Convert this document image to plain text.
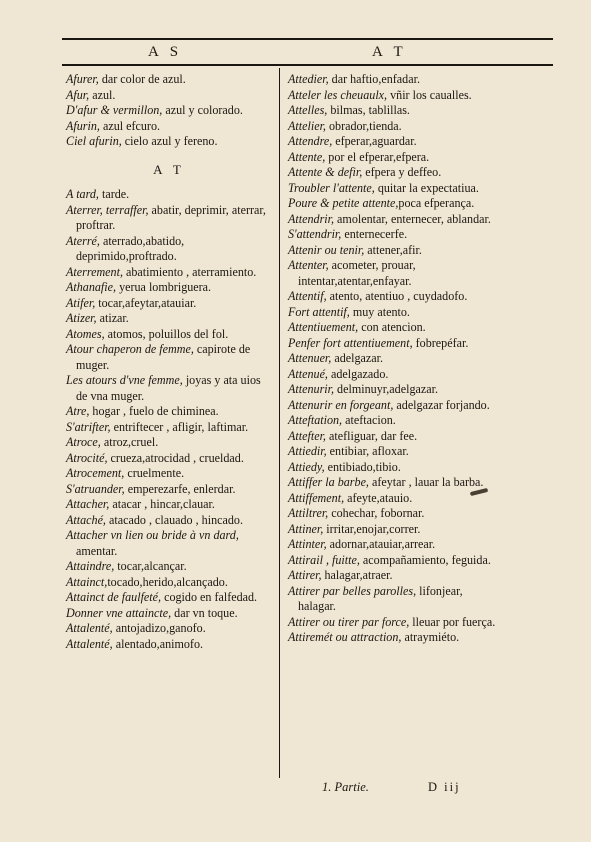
A S	A T
Afurer, dar color de azul.
Afur, azul.
D'afur & vermillon, azul y colorado.
Afurin, azul efcuro.
Ciel afurin, cielo azul y fereno.
A T
A tard, tarde.
Aterrer, terraffer, abatir, deprimir, aterrar, proftrar.
Aterré, aterrado,abatido, deprimido,proftrado.
Aterrement, abatimiento , aterramiento.
Athanafie, yerua lombriguera.
Atifer, tocar,afeytar,atauiar.
Atizer, atizar.
Atomes, atomos, poluillos del fol.
Atour chaperon de femme, capirote de muger.
Les atours d'vne femme, joyas y ata uios de vna muger.
Atre, hogar , fuelo de chiminea.
S'atrifter, entriftecer , afligir, laftimar.
Atroce, atroz,cruel.
Atrocité, crueza,atrocidad , crueldad.
Atrocement, cruelmente.
S'atruander, emperezarfe, enlerdar.
Attacher, atacar , hincar,clauar.
Attaché, atacado , clauado , hincado.
Attacher vn lien ou bride à vn dard, amentar.
Attaindre, tocar,alcançar.
Attainct,tocado,herido,alcançado.
Attainct de faulfeté, cogido en falfedad.
Donner vne attaincte, dar vn toque.
Attalenté, antojadizo,ganofo.
Attalenté, alentado,animofo.
Attedier, dar haftio,enfadar.
Atteler les cheuaulx, vñir los caualles.
Attelles, bilmas, tablillas.
Attelier, obrador,tienda.
Attendre, efperar,aguardar.
Attente, por el efperar,efpera.
Attente & defir, efpera y deffeo.
Troubler l'attente, quitar la expectatiua.
Poure & petite attente,poca efperança.
Attendrir, amolentar, enternecer, ablandar.
S'attendrir, enternecerfe.
Attenir ou tenir, attener,afir.
Attenter, acometer, prouar, intentar,atentar,enfayar.
Attentif, atento, atentiuo , cuydadofo.
Fort attentif, muy atento.
Attentiuement, con atencion.
Penfer fort attentiuement, fobrepéfar.
Attenuer, adelgazar.
Attenué, adelgazado.
Attenurir, delminuyr,adelgazar.
Attenurir en forgeant, adelgazar forjando.
Atteftation, ateftacion.
Attefter, atefliguar, dar fee.
Attiedir, entibiar, afloxar.
Attiedy, entibiado,tibio.
Attiffer la barbe, afeytar , lauar la barba.
Attiffement, afeyte,atauio.
Attiltrer, cohechar, fobornar.
Attiner, irritar,enojar,correr.
Attinter, adornar,atauiar,arrear.
Attirail , fuitte, acompañamiento, feguida.
Attirer, halagar,atraer.
Attirer par belles parolles, lifonjear, halagar.
Attirer ou tirer par force, lleuar por fuerça.
Attiremét ou attraction, atraymiéto.
1. Partie.	D iij
